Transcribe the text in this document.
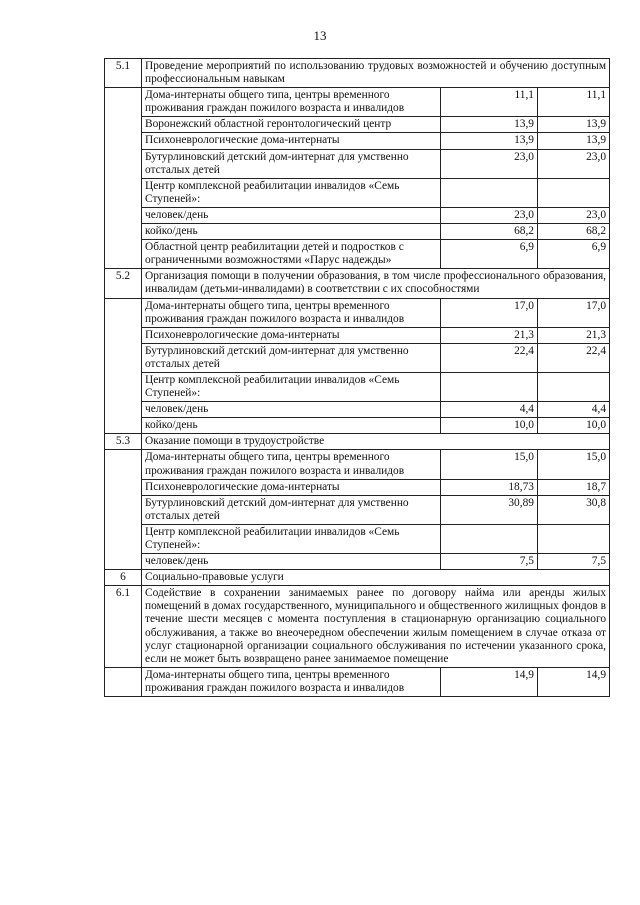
13
5.1	Проведение мероприятий по использованию трудовых возможностей и обучению доступным профессиональным навыкам		
	Дома-интернаты общего типа, центры временного проживания граждан пожилого возраста и инвалидов	11,1	11,1
	Воронежский областной геронтологический центр	13,9	13,9
	Психоневрологические дома-интернаты	13,9	13,9
	Бутурлиновский детский дом-интернат для умственно отсталых детей	23,0	23,0
	Центр комплексной реабилитации инвалидов «Семь Ступеней»:		
	человек/день	23,0	23,0
	койко/день	68,2	68,2
	Областной центр реабилитации детей и подростков с ограниченными возможностями «Парус надежды»	6,9	6,9
5.2	Организация помощи в получении образования, в том числе профессионального образования, инвалидам (детьми-инвалидами) в соответствии с их способностями		
	Дома-интернаты общего типа, центры временного проживания граждан пожилого возраста и инвалидов	17,0	17,0
	Психоневрологические дома-интернаты	21,3	21,3
	Бутурлиновский детский дом-интернат для умственно отсталых детей	22,4	22,4
	Центр комплексной реабилитации инвалидов «Семь Ступеней»:		
	человек/день	4,4	4,4
	койко/день	10,0	10,0
5.3	Оказание помощи в трудоустройстве		
	Дома-интернаты общего типа, центры временного проживания граждан пожилого возраста и инвалидов	15,0	15,0
	Психоневрологические дома-интернаты	18,73	18,7
	Бутурлиновский детский дом-интернат для умственно отсталых детей	30,89	30,8
	Центр комплексной реабилитации инвалидов «Семь Ступеней»:		
	человек/день	7,5	7,5
6	Социально-правовые услуги		
6.1	Содействие в сохранении занимаемых ранее по договору найма или аренды жилых помещений в домах государственного, муниципального и общественного жилищных фондов в течение шести месяцев с момента поступления в стационарную организацию социального обслуживания, а также во внеочередном обеспечении жилым помещением в случае отказа от услуг стационарной организации социального обслуживания по истечении указанного срока, если не может быть возвращено ранее занимаемое помещение		
	Дома-интернаты общего типа, центры временного проживания граждан пожилого возраста и инвалидов	14,9	14,9
